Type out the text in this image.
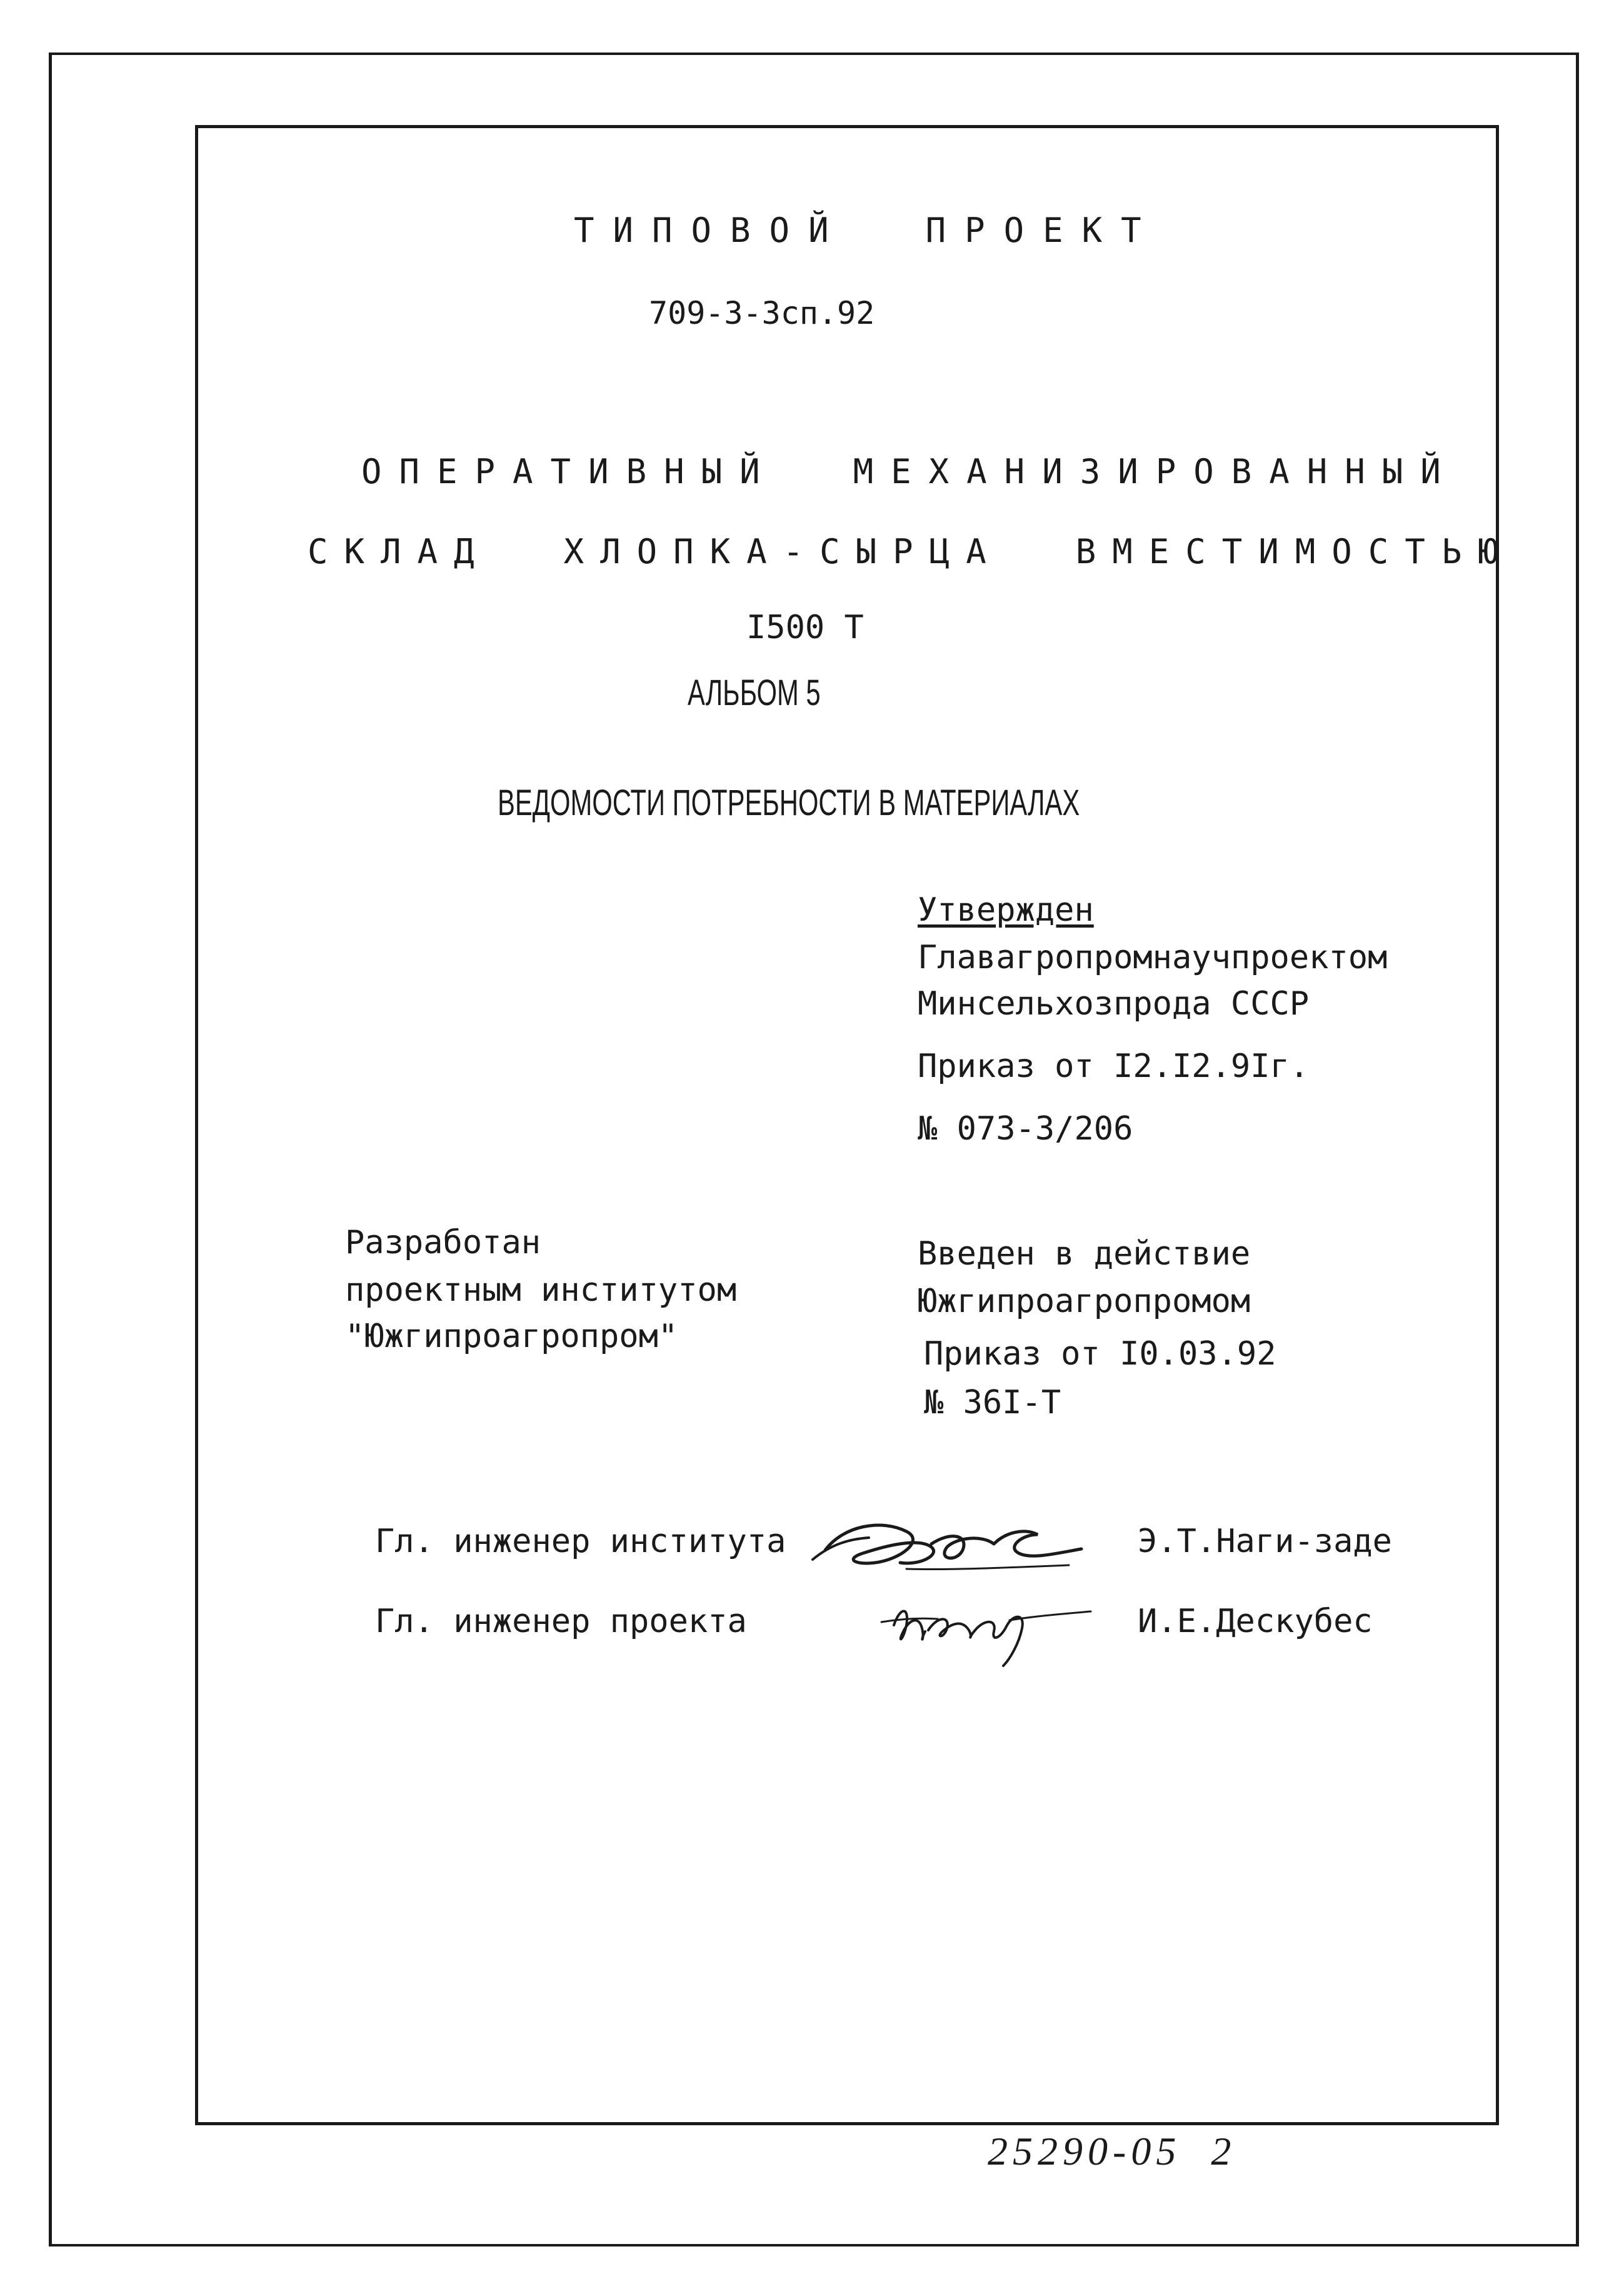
ТИПОВОЙ  ПРОЕКТ
709-3-3сп.92
ОПЕРАТИВНЫЙ  МЕХАНИЗИРОВАННЫЙ
СКЛАД  ХЛОПКА-СЫРЦА  ВМЕСТИМОСТЬЮ
I500 Т
АЛЬБОМ 5
ВЕДОМОСТИ ПОТРЕБНОСТИ В МАТЕРИАЛАХ
Утвержден
Главагропромнаучпроектом
Минсельхозпрода СССР
Приказ от I2.I2.9Iг.
№ 073-3/206
Разработан
проектным институтом
"Южгипроагропром"
Введен в действие
Южгипроагропромом
Приказ от I0.03.92
№ 36I-Т
Гл. инженер института	Э.Т.Наги-заде
Гл. инженер проекта	И.Е.Дескубес
25290-05  2
